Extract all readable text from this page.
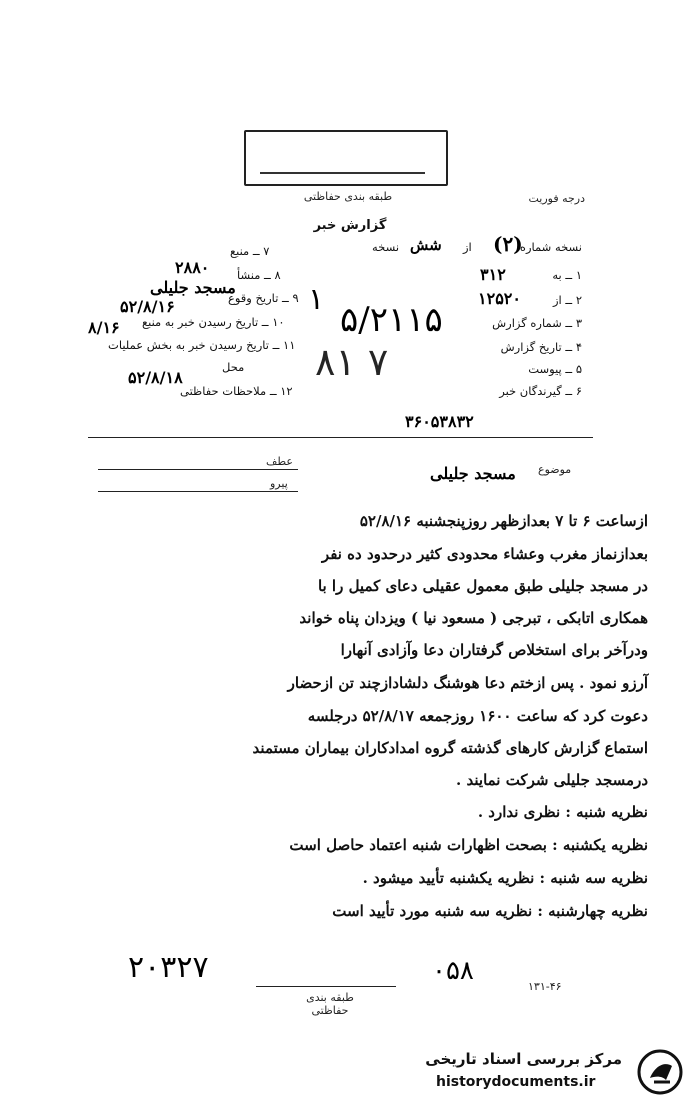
طبقه بندی حفاظتی	درجه فوریت
گزارش خبر
نسخه شماره
(۲)
از
شش
نسخه
۱ ــ به
۳۱۲
۲ ــ از
۱۲۵۲۰
۳ ــ شماره گزارش
۵/۲۱۱۵
۴ ــ تاریخ گزارش
۵ ــ پیوست
۶ ــ گیرندگان خبر
۸۱ ۷
۳۶۰۵۳۸۳۲
۷ ــ منبع
۲۸۸۰ ۸ ــ منشأ
مسجد جلیلی
۹ ــ تاریخ وقوع
۵۲/۸/۱۶
۱۰ ــ تاریخ رسیدن خبر به منبع
۸/۱۶
۱۱ ــ تاریخ رسیدن خبر به بخش عملیات
محل
۵۲/۸/۱۸
۱۲ ــ ملاحظات حفاظتی
١
عطف
پیرو
موضوع
مسجد جلیلی
ازساعت ۶ تا ۷ بعدازظهر روزپنجشنبه ۵۲/۸/۱۶
بعدازنماز مغرب وعشاء محدودی کثیر درحدود ده نفر
در مسجد جلیلی طبق معمول عقیلی دعای کمیل را با
همکاری اتابکی ، تبرجی ( مسعود نیا ) ویزدان پناه خواند
ودرآخر برای استخلاص گرفتاران دعا وآزادی آنهارا
آرزو نمود . پس ازختم دعا هوشنگ دلشادازچند تن ازحضار
دعوت کرد که ساعت ۱۶۰۰ روزجمعه ۵۲/۸/۱۷ درجلسه
استماع گزارش کارهای گذشته گروه امدادکاران بیماران مستمند
درمسجد جلیلی شرکت نمایند .
نظریه شنبه : نظری ندارد .
نظریه یکشنبه : بصحت اظهارات شنبه اعتماد حاصل است
نظریه سه شنبه : نظریه یکشنبه تأیید میشود .
نظریه چهارشنبه : نظریه سه شنبه مورد تأیید است
۲۰۳۲۷	۰۵۸
۱۳۱-۴۶
طبقه بندی حفاظتی
مرکز بررسی اسناد تاریخی
historydocuments.ir
